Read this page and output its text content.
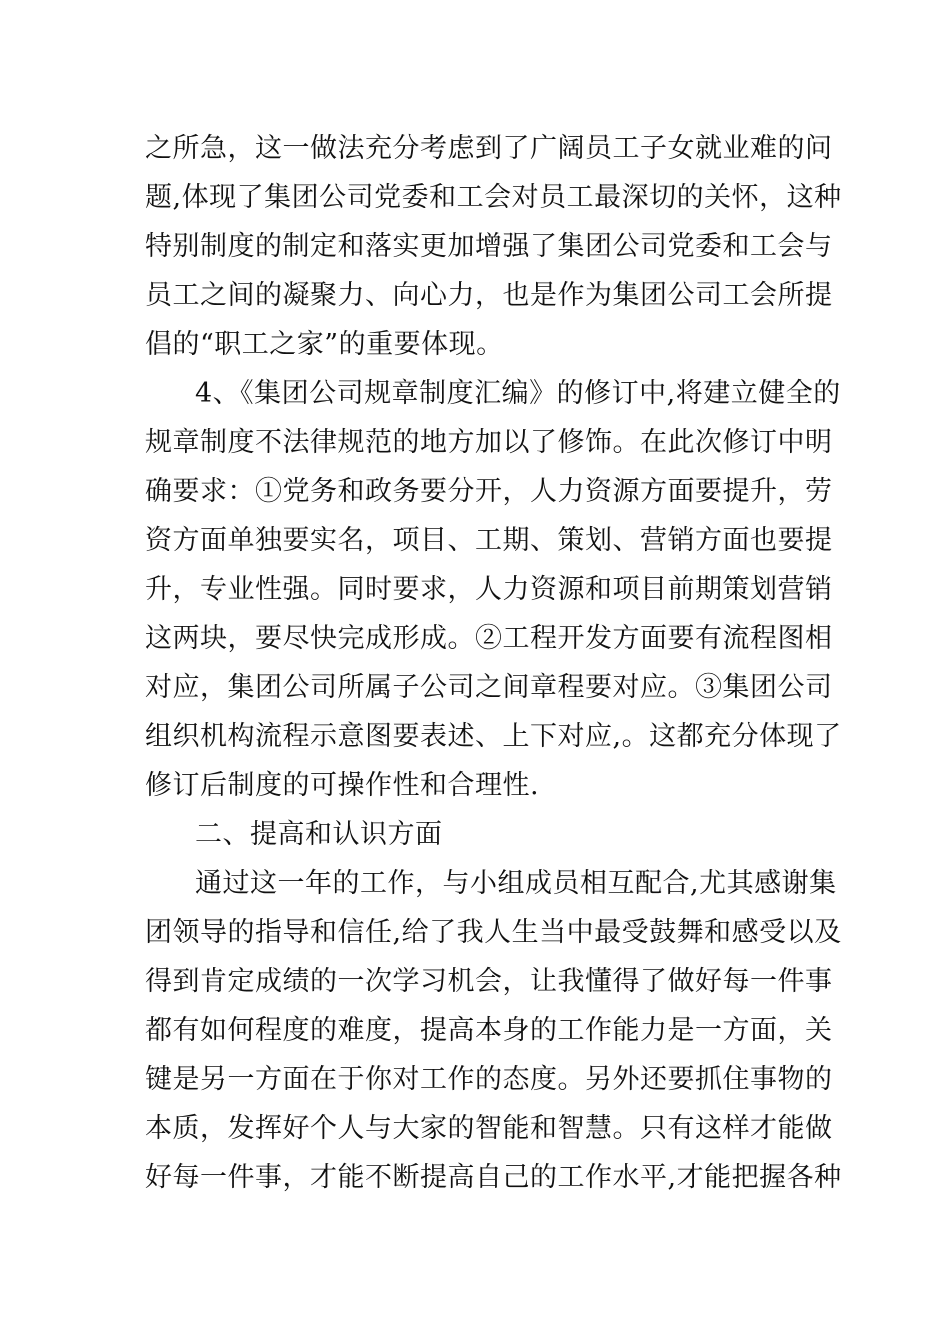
之所急，这一做法充分考虑到了广阔员工子女就业难的问
题,体现了集团公司党委和工会对员工最深切的关怀，这种
特别制度的制定和落实更加增强了集团公司党委和工会与
员工之间的凝聚力、向心力，也是作为集团公司工会所提
倡的“职工之家”的重要体现。
4、《集团公司规章制度汇编》的修订中,将建立健全的
规章制度不法律规范的地方加以了修饰。在此次修订中明
确要求：①党务和政务要分开，人力资源方面要提升，劳
资方面单独要实名，项目、工期、策划、营销方面也要提
升，专业性强。同时要求，人力资源和项目前期策划营销
这两块，要尽快完成形成。②工程开发方面要有流程图相
对应，集团公司所属子公司之间章程要对应。③集团公司
组织机构流程示意图要表述、上下对应,。这都充分体现了
修订后制度的可操作性和合理性.
二、提高和认识方面
通过这一年的工作，与小组成员相互配合,尤其感谢集
团领导的指导和信任,给了我人生当中最受鼓舞和感受以及
得到肯定成绩的一次学习机会，让我懂得了做好每一件事
都有如何程度的难度，提高本身的工作能力是一方面，关
键是另一方面在于你对工作的态度。另外还要抓住事物的
本质，发挥好个人与大家的智能和智慧。只有这样才能做
好每一件事，才能不断提高自己的工作水平,才能把握各种
